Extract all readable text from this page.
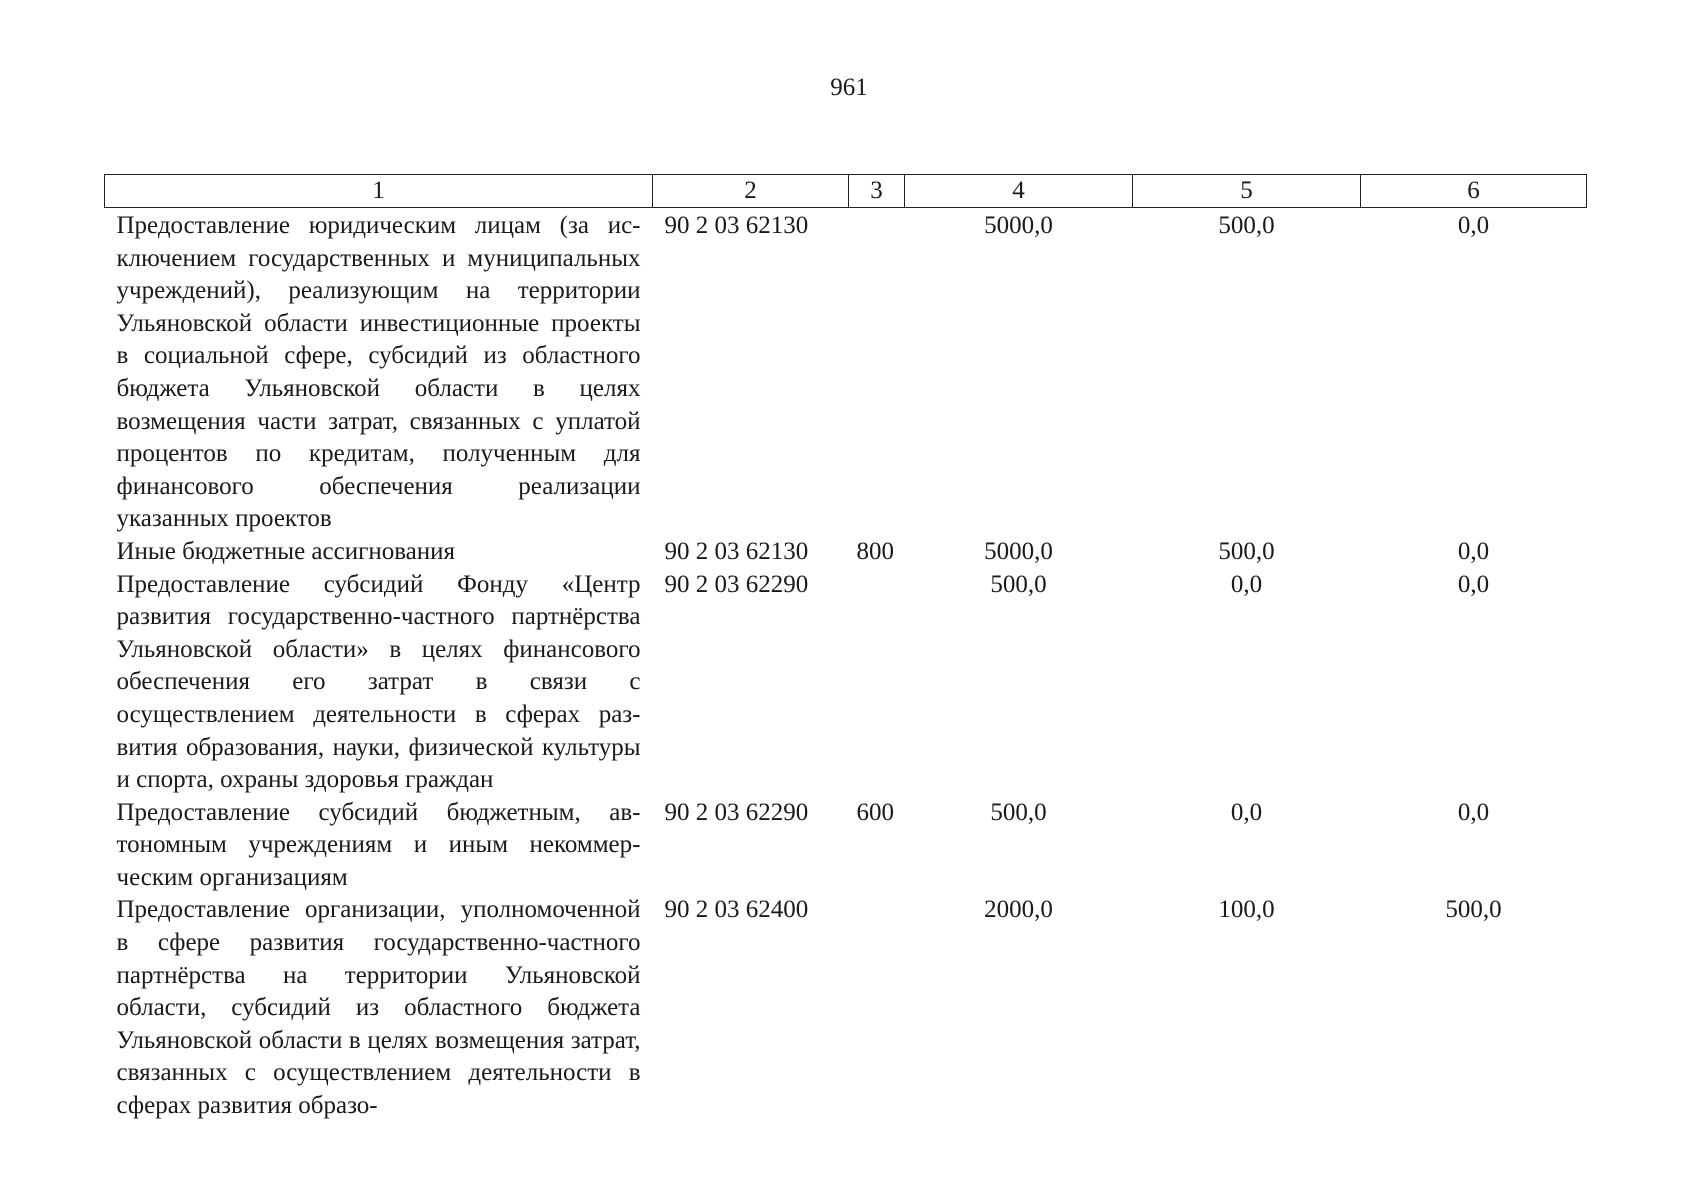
961
1	2	3	4	5	6
Предоставление юридическим лицам (за исключением государственных и муниципальных учреждений), реализующим на территории Ульяновской области инвестиционные проекты в социальной сфере, субсидий из областного бюджета Ульяновской области в целях возмещения части затрат, связанных с уплатой процентов по кредитам, полученным для финансового обеспечения реализации указанных проектов	90 2 03 62130		5000,0	500,0	0,0
Иные бюджетные ассигнования	90 2 03 62130	800	5000,0	500,0	0,0
Предоставление субсидий Фонду «Центр развития государственно-частного партнёрства Ульяновской области» в целях финансового обеспечения его затрат в связи с осуществлением деятельности в сферах развития образования, науки, физической культуры и спорта, охраны здоровья граждан	90 2 03 62290		500,0	0,0	0,0
Предоставление субсидий бюджетным, автономным учреждениям и иным некоммерческим организациям	90 2 03 62290	600	500,0	0,0	0,0
Предоставление организации, уполномоченной в сфере развития государственно-частного партнёрства на территории Ульяновской области, субсидий из областного бюджета Ульяновской области в целях возмещения затрат, связанных с осуществлением деятельности в сферах развития образо-	90 2 03 62400		2000,0	100,0	500,0
